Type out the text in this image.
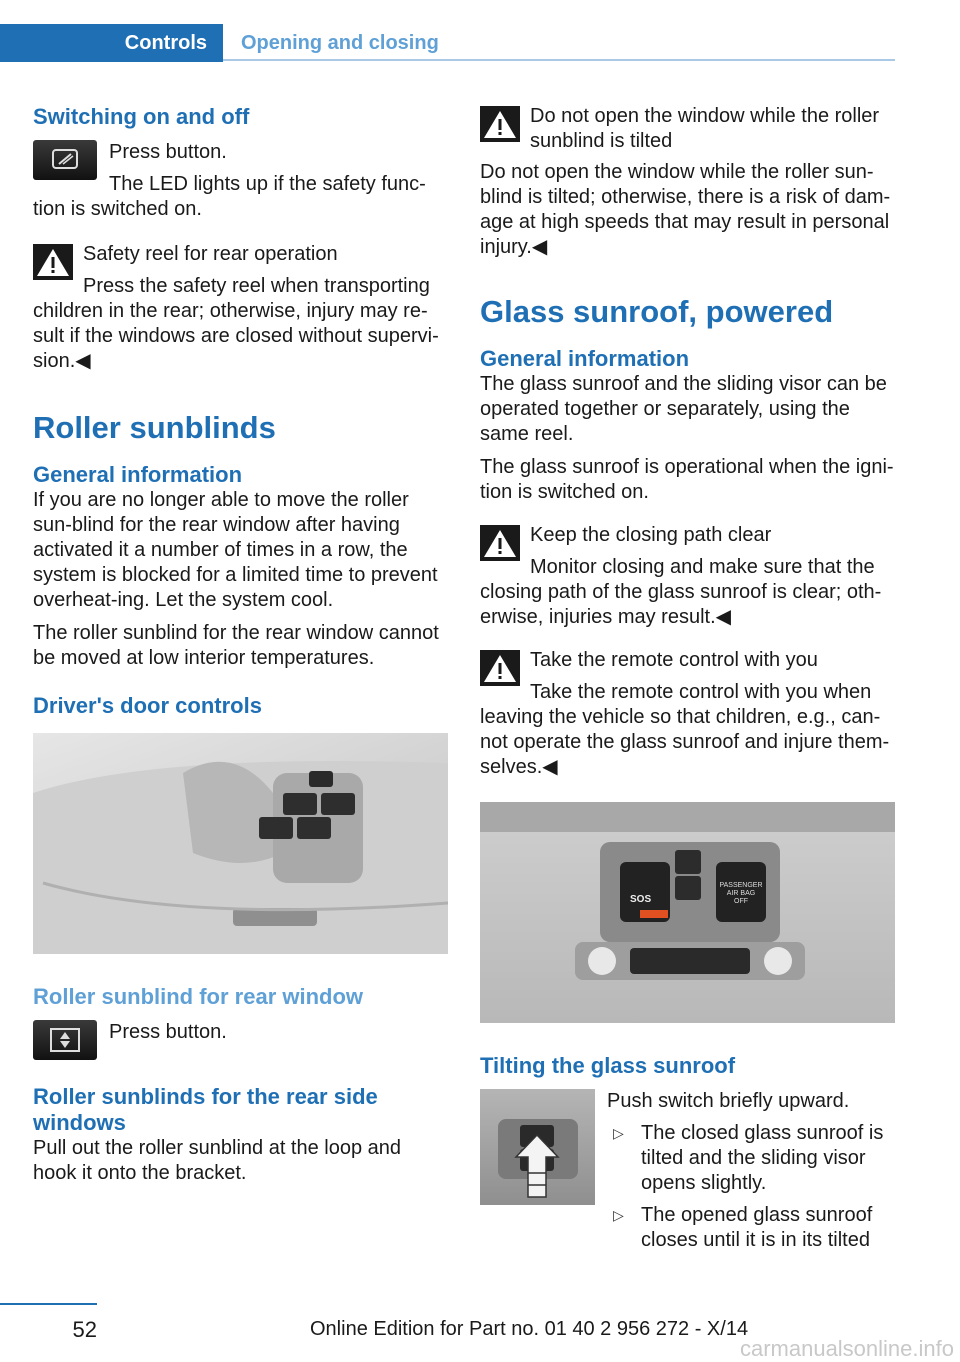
Controls	Opening and closing
Switching on and off

Press button.

The LED lights up if the safety func‐tion is switched on.

Safety reel for rear operation

Press the safety reel when transporting children in the rear; otherwise, injury may re‐sult if the windows are closed without supervi‐sion.◀

Roller sunblinds
General information

If you are no longer able to move the roller sun‐blind for the rear window after having activated it a number of times in a row, the system is blocked for a limited time to prevent overheat‐ing. Let the system cool.

The roller sunblind for the rear window cannot be moved at low interior temperatures.

Driver's door controls
Roller sunblind for rear window

Press button.

Roller sunblinds for the rear side windows

Pull out the roller sunblind at the loop and hook it onto the bracket.

Do not open the window while the roller sunblind is tilted

Do not open the window while the roller sun‐blind is tilted; otherwise, there is a risk of dam‐age at high speeds that may result in personal injury.◀

Glass sunroof, powered
General information

The glass sunroof and the sliding visor can be operated together or separately, using the same reel.

The glass sunroof is operational when the igni‐tion is switched on.

Keep the closing path clear

Monitor closing and make sure that the closing path of the glass sunroof is clear; oth‐erwise, injuries may result.◀

Take the remote control with you

Take the remote control with you when leaving the vehicle so that children, e.g., can‐not operate the glass sunroof and injure them‐selves.◀

SOS
PASSENGER AIR BAG OFF
Tilting the glass sunroof

Push switch briefly upward.

▷ The closed glass sunroof is tilted and the sliding visor opens slightly.
▷ The opened glass sunroof closes until it is in its tilted
52	Online Edition for Part no. 01 40 2 956 272 - X/14
carmanualsonline.info
